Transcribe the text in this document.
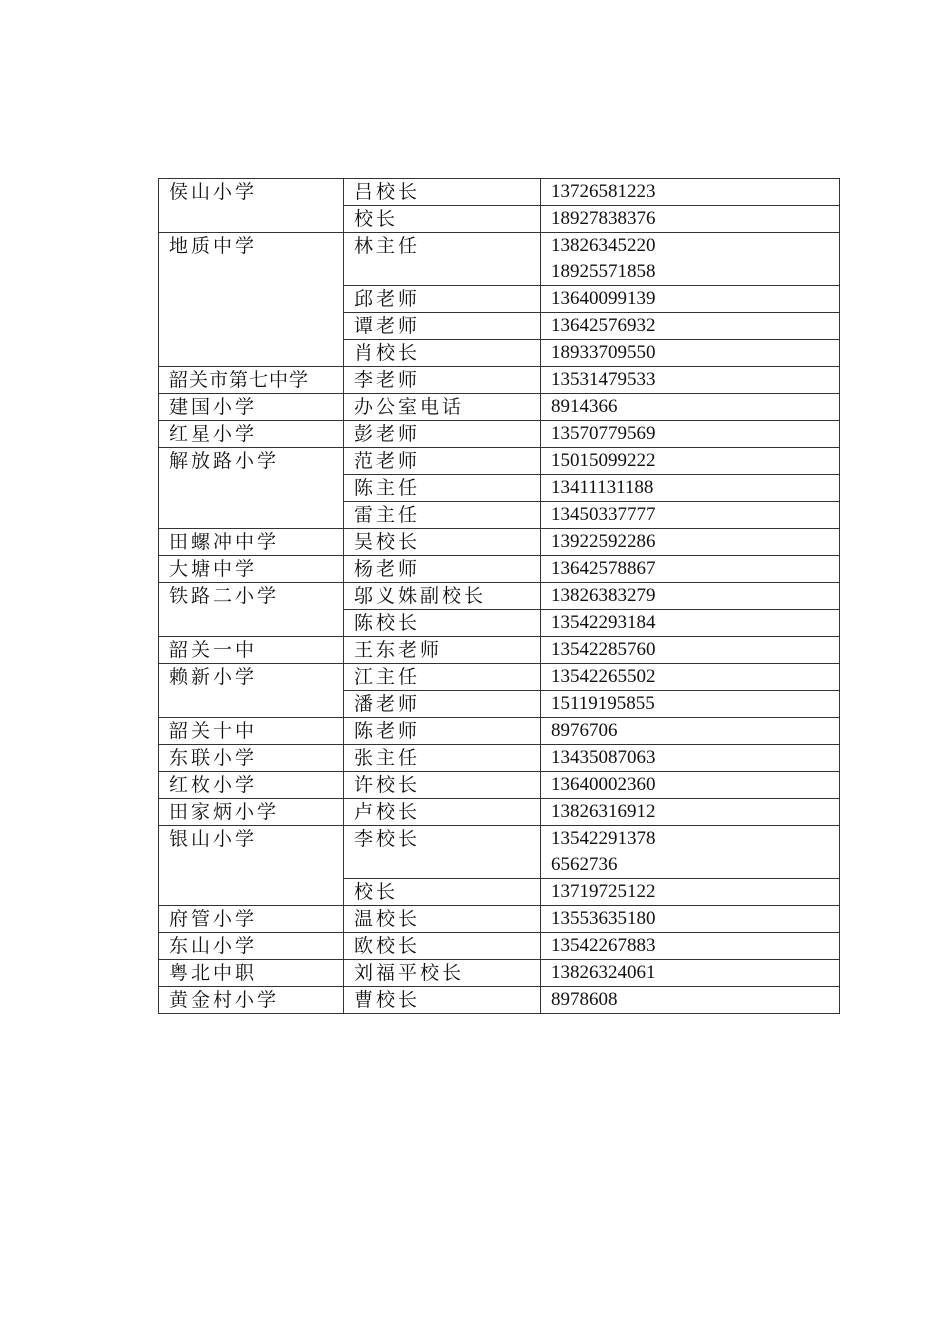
侯山小学	吕校长	13726581223

	校长	18927838376

地质中学	林主任	13826345220
18925571858

	邱老师	13640099139

	谭老师	13642576932

	肖校长	18933709550

韶关市第七中学	李老师	13531479533

建国小学	办公室电话	8914366

红星小学	彭老师	13570779569

解放路小学	范老师	15015099222

	陈主任	13411131188

	雷主任	13450337777

田螺冲中学	吴校长	13922592286

大塘中学	杨老师	13642578867

铁路二小学	邬义姝副校长	13826383279

	陈校长	13542293184

韶关一中	王东老师	13542285760

赖新小学	江主任	13542265502

	潘老师	15119195855

韶关十中	陈老师	8976706

东联小学	张主任	13435087063

红枚小学	许校长	13640002360

田家炳小学	卢校长	13826316912

银山小学	李校长	13542291378
6562736

	校长	13719725122

府管小学	温校长	13553635180

东山小学	欧校长	13542267883

粤北中职	刘福平校长	13826324061

黄金村小学	曹校长	8978608
